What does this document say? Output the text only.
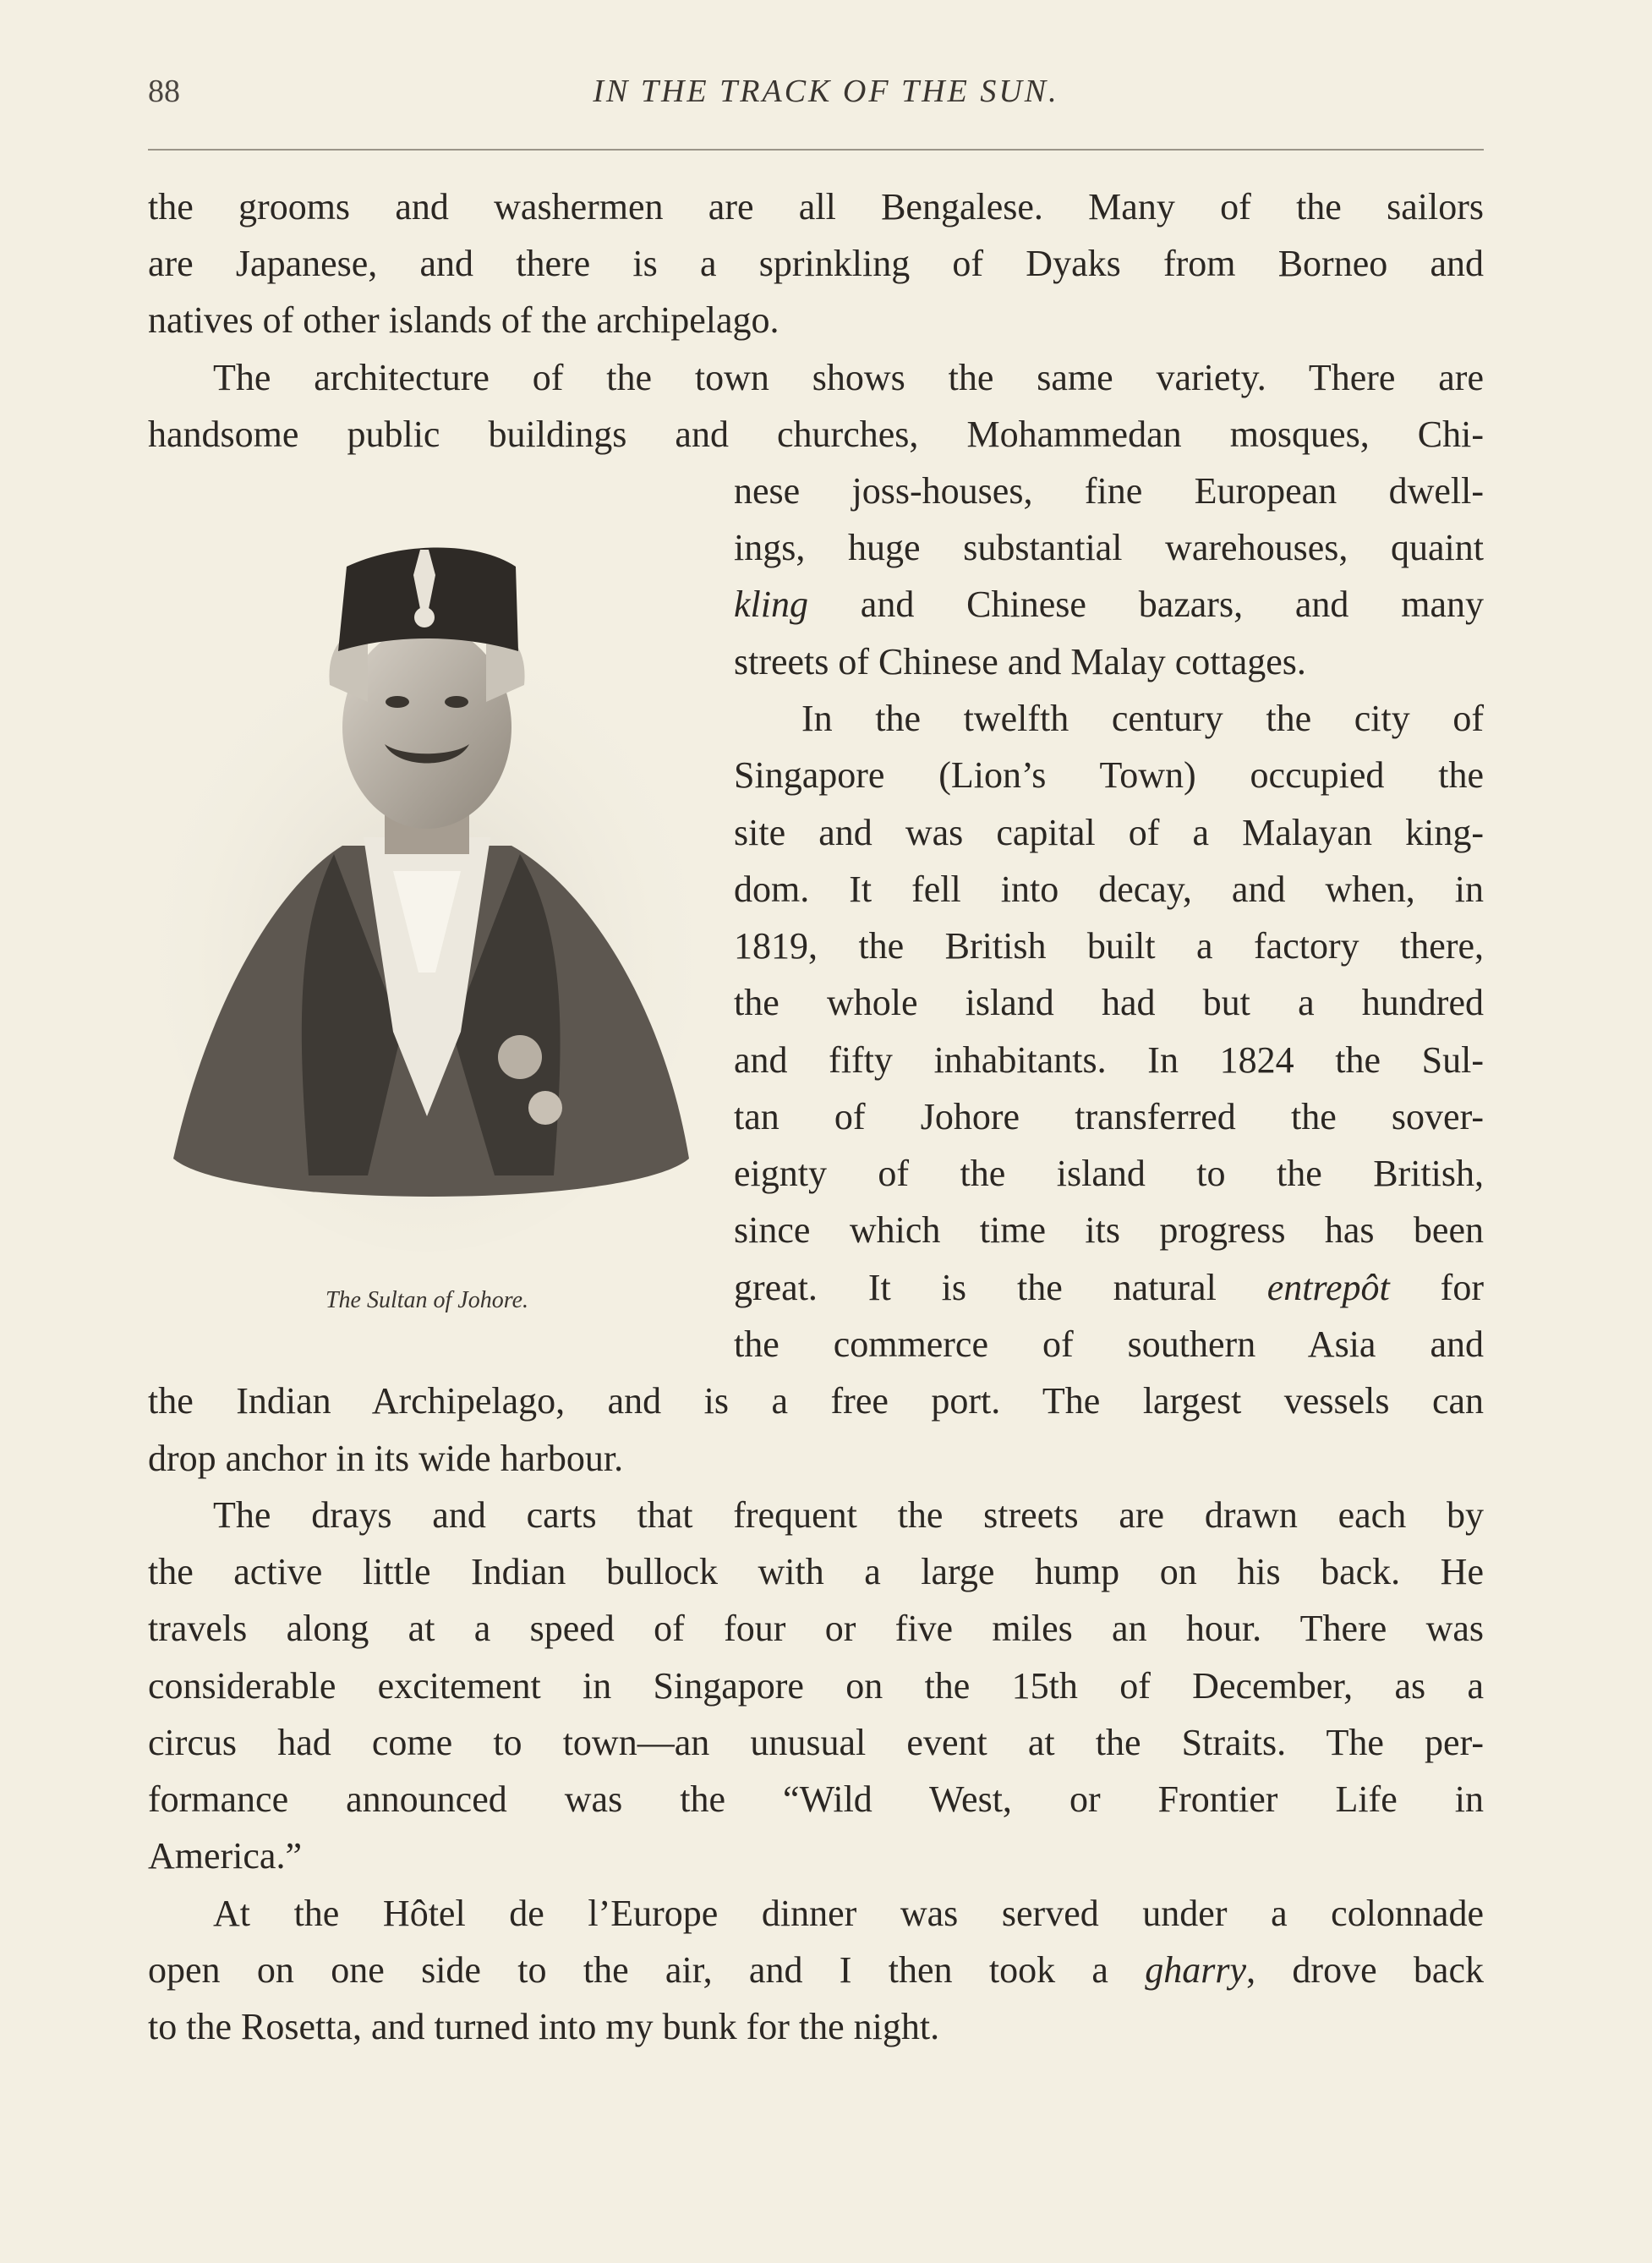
88	IN THE TRACK OF THE SUN.
the grooms and washermen are all Bengalese. Many of the sailors
are Japanese, and there is a sprinkling of Dyaks from Borneo and
natives of other islands of the archipelago.
The architecture of the town shows the same variety. There are
handsome public buildings and churches, Mohammedan mosques, Chi-
nese joss-houses, fine European dwell-
ings, huge substantial warehouses, quaint
kling and Chinese bazars, and many
streets of Chinese and Malay cottages.
In the twelfth century the city of
Singapore (Lion’s Town) occupied the
site and was capital of a Malayan king-
dom. It fell into decay, and when, in
1819, the British built a factory there,
the whole island had but a hundred
and fifty inhabitants. In 1824 the Sul-
tan of Johore transferred the sover-
eignty of the island to the British,
since which time its progress has been
great. It is the natural entrepôt for
the commerce of southern Asia and
the Indian Archipelago, and is a free port. The largest vessels can
drop anchor in its wide harbour.
The drays and carts that frequent the streets are drawn each by
the active little Indian bullock with a large hump on his back. He
travels along at a speed of four or five miles an hour. There was
considerable excitement in Singapore on the 15th of December, as a
circus had come to town—an unusual event at the Straits. The per-
formance announced was the “Wild West, or Frontier Life in
America.”
At the Hôtel de l’Europe dinner was served under a colonnade
open on one side to the air, and I then took a gharry, drove back
to the Rosetta, and turned into my bunk for the night.
The Sultan of Johore.
